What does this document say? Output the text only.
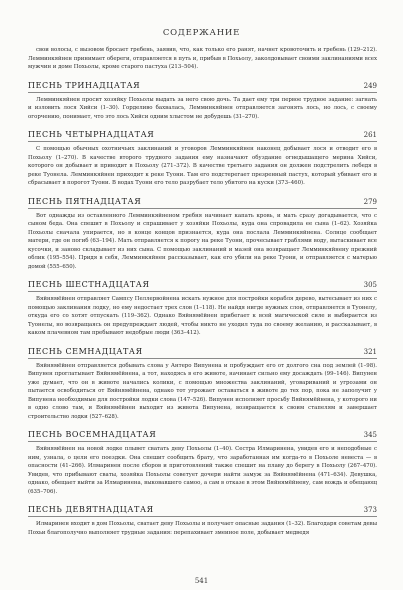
СОДЕРЖАНИЕ

свои волосы, с вызовом бросает гребень, заявив, что, как только его ранят, начнет кровоточить и гребень (129–212). Лемминкяйнен принимает обереги, отправляется в путь и, прибыв в Похьолу, заколдовывает своими заклинаниями всех мужчин и доме Похьолы, кроме старого пастуха (213–504).

ПЕСНЬ ТРИНАДЦАТАЯ	249

Лемминкяйнен просит хозяйку Похьолы выдать за него свою дочь. Та дает ему три первое трудное задание: загнать и изловить лося Хийси (1–30). Горделиво бахвалась, Лемминкяйнен отправляется загонять лось, но лось, с своему огорчению, понимает, что это лось Хийси одним хлыстом не добудешь (31–270).

ПЕСНЬ ЧЕТЫРНАДЦАТАЯ	261

С помощью обычных охотничьих заклинаний и уговоров Лемминкяйнен наконец добывает лося и отводит его в Похьолу (1–270). В качестве второго трудного задания ему назначают обуздание огнедышащего мерина Хийси, которого он добывает и приводит в Похьолу (271–372). В качестве третьего задания он должен подстрелить лебедя в реке Туонела. Лемминкяйнен приходит к реке Туони. Там его подстерегает презренный пастух, который убивает его и сбрасывает в порогот Туони. В водах Туони его тело разрубает тело убитого на куски (373–460).

ПЕСНЬ ПЯТНАДЦАТАЯ	279

Вот однажды из оставленного Лемминкяйненом гребня начинает капать кровь, и мать сразу догадывается, что с сыном беда. Она спешит в Похьолу и спрашивает у хозяйки Похьолы, куда она спровадила ее сына (1–62). Хозяйка Похьолы сначала упирается, но в конце концов признается, куда она послала Лемминкяйнена. Солнце сообщает матери, где он погиб (63–194). Мать отправляется к порогу на реке Туони, прочесывает граблями воду, вытаскивает все кусочки, и заново складывает из них сына. С помощью заклинаний и мазей она возвращает Лемминкяйнену прежний облик (195–554). Придя в себя, Лемминкяйнен рассказывает, как его убили на реке Туони, и отправляется с матерью домой (555–650).

ПЕСНЬ ШЕСТНАДЦАТАЯ	305

Вяйнямёйнен отправляет Сампсу Пеллервойнена искать нужное для постройки корабля дерево, вытесывает из них с помощью заклинания лодку, но ему недостает трех слов (1–118). Не найдя нигде нужных слов, отправляется в Туонелу, откуда его со хотят отпускать (119–362). Однако Вяйнямёйнен прибегает к всей магической силе и выбирается из Туонелы, но возвращаясь он предупреждает людей, чтобы никто не уходил туда по своему желанию, и рассказывает, в каком плачевном там пребывают недобрые люди (363–412).

ПЕСНЬ СЕМНАДЦАТАЯ	321

Вяйнямёйнен отправляется добывать слова у Антеро Випунена и пробуждает его от долгого сна под землей (1–98). Випунен проглатывает Вяйнямёйнена, а тот, находясь в его животе, начинает сильно ему досаждать (99–146). Випунен уже думает, что он в животе начались колики, с помощью множества заклинаний, уговариваний и угрозами он пытается освободиться от Вяйнямёйнена, однако тот угрожает оставаться в животе до тех пор, пока не заполучит у Випунена необходимые для постройки лодки слова (147–526). Випунен исполняет просьбу Вяйнямёйнена, у которого ни в одно слово там, и Вяйнямёйнен выходит из живота Випунена, возвращается к своим стапелям и завершает строительство лодки (527–628).

ПЕСНЬ ВОСЕМНАДЦАТАЯ	345

Вяйнямёйнен на новой лодке плывет сватать деву Похьолы (1–40). Сестра Илмаринена, увидев его и неподобные с ним, узнала, о цели его поездки. Она спешит сообщить брату, что заработанная им когда-то в Похьоле невеста — в опасности (41–266). Илмаринен после сборов и приготовлений также спешит на плаву до берегу в Похьолу (267–470). Увидев, что прибывают сваты, хозяйка Похьолы советует дочери найти замуж за Вяйнямёйнена (471–634). Девушка, однако, обещает выйти за Илмаринена, выковавшего самоо, а сам в отказе в этом Вяйнямёйнену, сам вождь и обещающ (635–706).

ПЕСНЬ ДЕВЯТНАДЦАТАЯ	373

Илмаринен входит в дом Похьолы, сватает деву Похьолы и получает опасные задания (1–32). Благодаря советам девы Похьи благополучно выполняет трудные задания: перепахивает змеиное поле, добывает медведя

541
